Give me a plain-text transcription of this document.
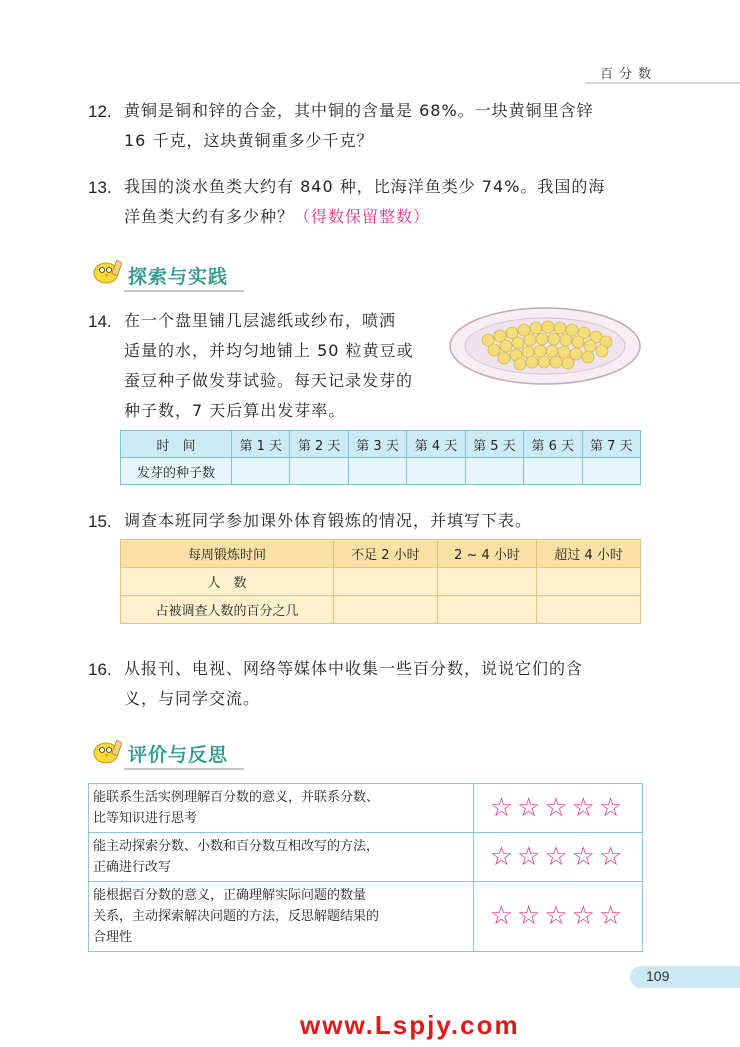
百分数
12. 黄铜是铜和锌的合金，其中铜的含量是 68%。一块黄铜里含锌
16 千克，这块黄铜重多少千克？
13. 我国的淡水鱼类大约有 840 种，比海洋鱼类少 74%。我国的海
洋鱼类大约有多少种？（得数保留整数）
探索与实践
14. 在一个盘里铺几层滤纸或纱布，喷洒
适量的水，并均匀地铺上 50 粒黄豆或
蚕豆种子做发芽试验。每天记录发芽的
种子数，7 天后算出发芽率。
时　间	第 1 天	第 2 天	第 3 天	第 4 天	第 5 天	第 6 天	第 7 天
发芽的种子数							
15. 调查本班同学参加课外体育锻炼的情况，并填写下表。
每周锻炼时间	不足 2 小时	2 ~ 4 小时	超过 4 小时
人　数			
占被调查人数的百分之几			
16. 从报刊、电视、网络等媒体中收集一些百分数，说说它们的含
义，与同学交流。
评价与反思
能联系生活实例理解百分数的意义，并联系分数、
比等知识进行思考	☆☆☆☆☆

能主动探索分数、小数和百分数互相改写的方法，
正确进行改写	☆☆☆☆☆

能根据百分数的意义，正确理解实际问题的数量
关系，主动探索解决问题的方法，反思解题结果的
合理性	☆☆☆☆☆
109
www.Lspjy.com
